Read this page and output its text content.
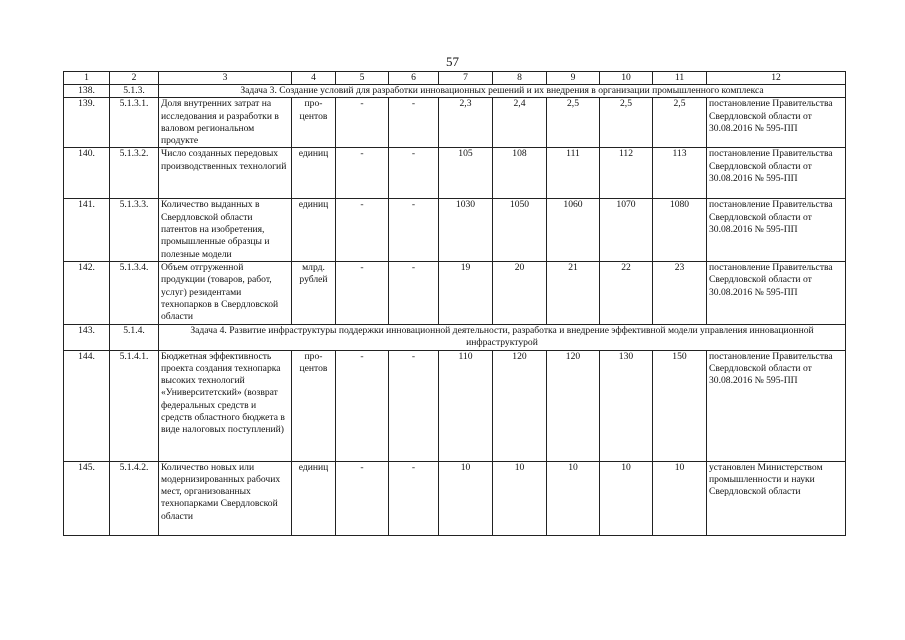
57
1	2	3	4	5	6	7	8	9	10	11	12
138.	5.1.3.	Задача 3. Создание условий для разработки инновационных решений и их внедрения в организации промышленного комплекса									
139.	5.1.3.1.	Доля внутренних затрат на исследования и разработки в валовом региональном продукте	про-центов	-	-	2,3	2,4	2,5	2,5	2,5	постановление Правительства Свердловской области от 30.08.2016 № 595-ПП
140.	5.1.3.2.	Число созданных передовых производственных технологий	единиц	-	-	105	108	111	112	113	постановление Правительства Свердловской области от 30.08.2016 № 595-ПП
141.	5.1.3.3.	Количество выданных в Свердловской области патентов на изобретения, промышленные образцы и полезные модели	единиц	-	-	1030	1050	1060	1070	1080	постановление Правительства Свердловской области от 30.08.2016 № 595-ПП
142.	5.1.3.4.	Объем отгруженной продукции (товаров, работ, услуг) резидентами технопарков в Свердловской области	млрд. рублей	-	-	19	20	21	22	23	постановление Правительства Свердловской области от 30.08.2016 № 595-ПП
143.	5.1.4.	Задача 4. Развитие инфраструктуры поддержки инновационной деятельности, разработка и внедрение эффективной модели управления инновационной инфраструктурой									
144.	5.1.4.1.	Бюджетная эффективность проекта создания технопарка высоких технологий «Университетский» (возврат федеральных средств и средств областного бюджета в виде налоговых поступлений)	про-центов	-	-	110	120	120	130	150	постановление Правительства Свердловской области от 30.08.2016 № 595-ПП
145.	5.1.4.2.	Количество новых или модернизированных рабочих мест, организованных технопарками Свердловской области	единиц	-	-	10	10	10	10	10	установлен Министерством промышленности и науки Свердловской области
